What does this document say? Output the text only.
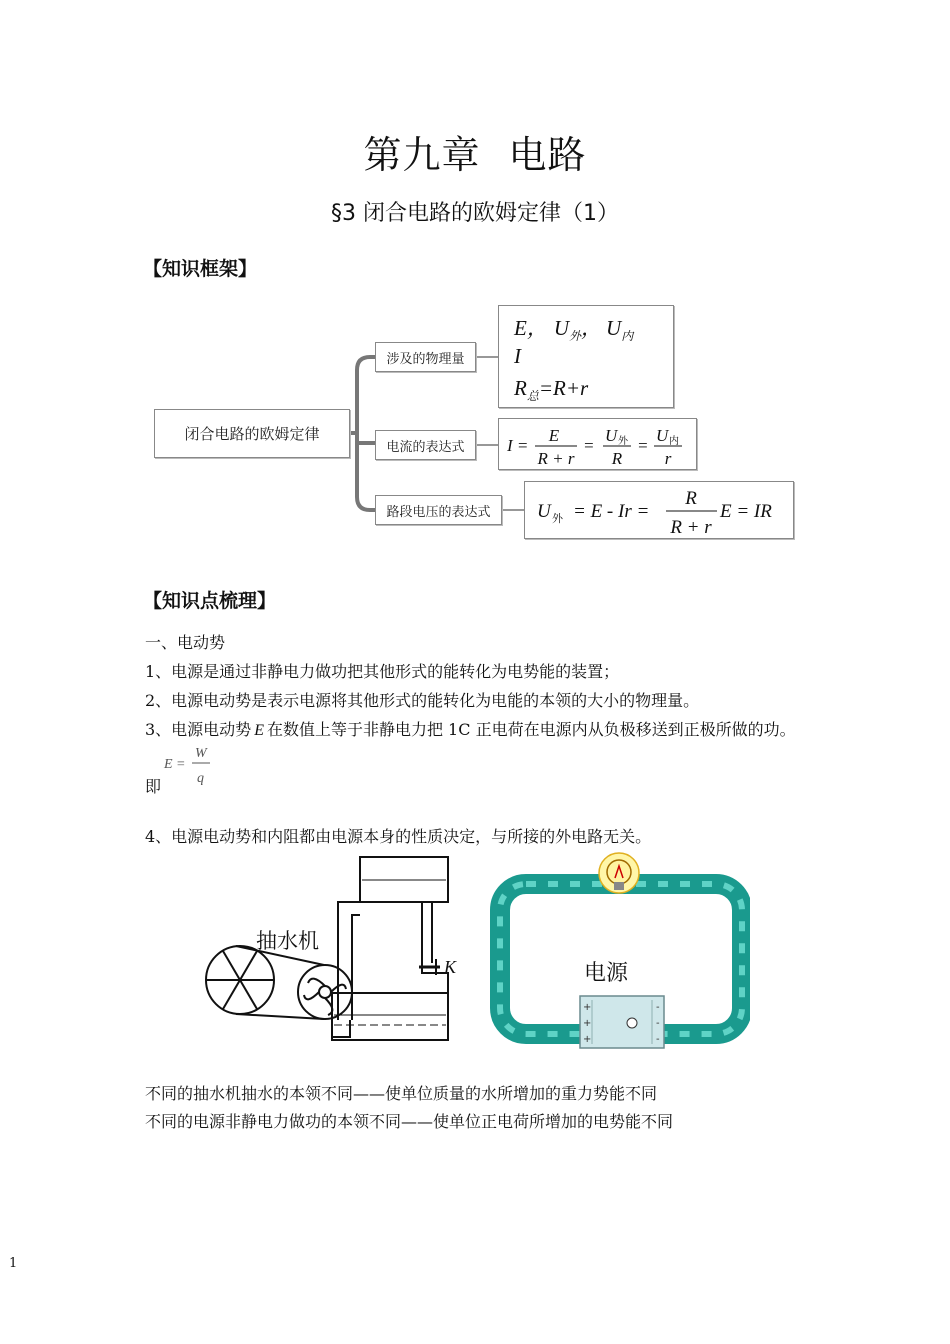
第九章 电路
§3 闭合电路的欧姆定律（1）
【知识框架】
闭合电路的欧姆定律
涉及的物理量
电流的表达式
路段电压的表达式
E， $U_外$， $U_内$
I
$R_总=R+r$
I =
E
R + r
=
U 外
R
=
U 内
r
U 外 = E - Ir =
R
R + r
E = IR
【知识点梳理】
一、电动势
1、电源是通过非静电力做功把其他形式的能转化为电势能的装置；
2、电源电动势是表示电源将其他形式的能转化为电能的本领的大小的物理量。
3、电源电动势 E 在数值上等于非静电力把 1C 正电荷在电源内从负极移送到正极所做的功。
即
E =
W
q
4、电源电动势和内阻都由电源本身的性质决定，与所接的外电路无关。
抽水机
K
+
+
+
-
-
-
电源
不同的抽水机抽水的本领不同——使单位质量的水所增加的重力势能不同
不同的电源非静电力做功的本领不同——使单位正电荷所增加的电势能不同
1
